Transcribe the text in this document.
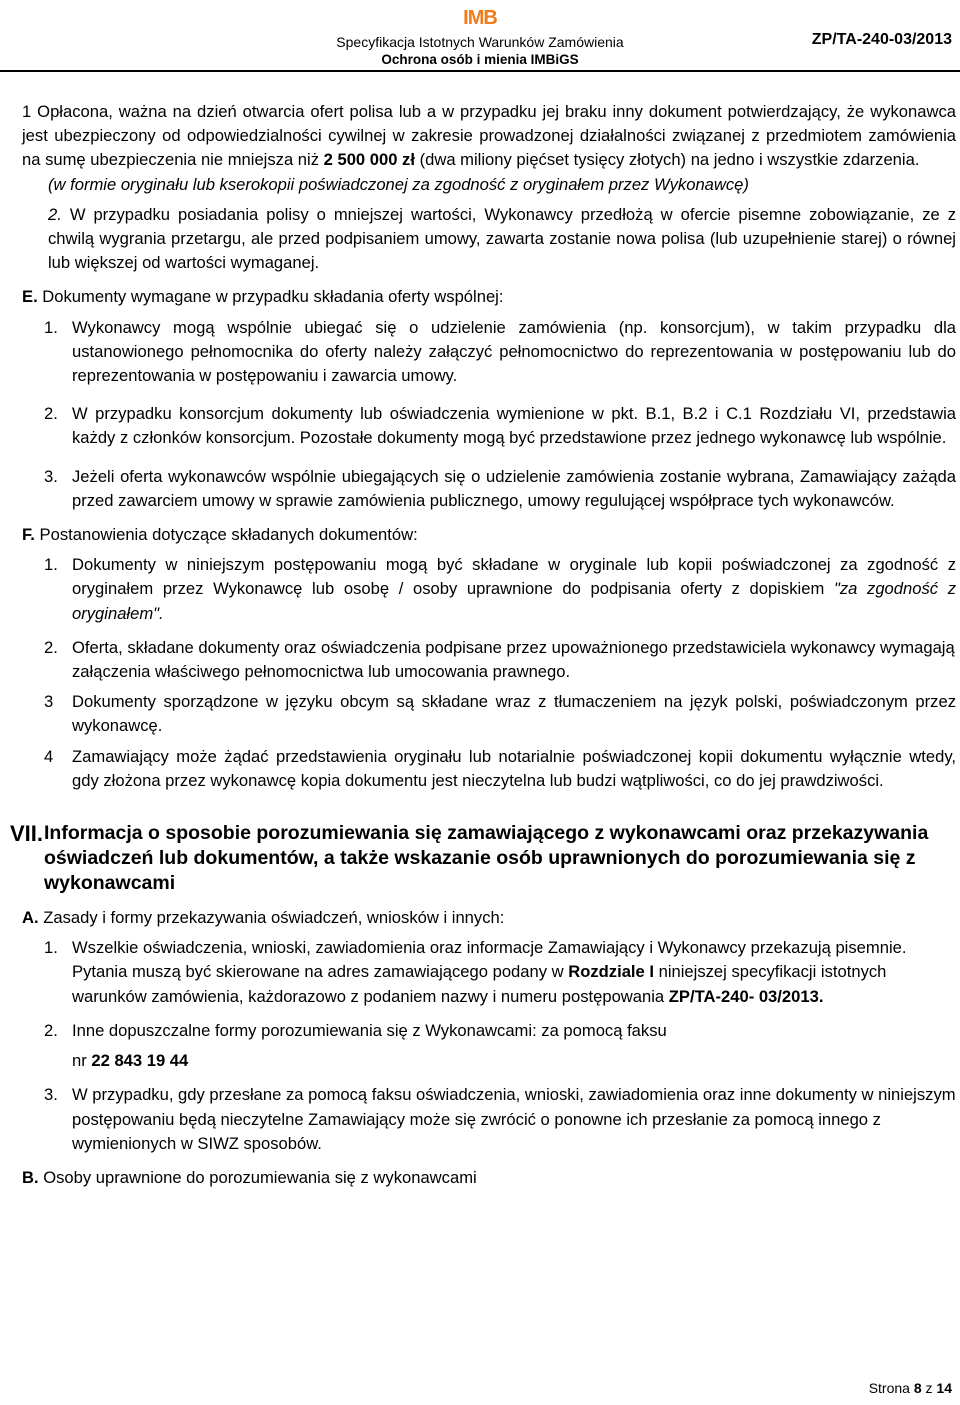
IMB
Specyfikacja Istotnych Warunków Zamówienia
Ochrona osób i mienia IMBiGS
ZP/TA-240-03/2013
1 Opłacona, ważna na dzień otwarcia ofert polisa lub a w przypadku jej braku inny dokument potwierdzający, że wykonawca jest ubezpieczony od odpowiedzialności cywilnej w zakresie prowadzonej działalności związanej z przedmiotem zamówienia na sumę ubezpieczenia nie mniejsza niż 2 500 000 zł (dwa miliony pięćset tysięcy złotych) na jedno i wszystkie zdarzenia.
(w formie oryginału lub kserokopii poświadczonej za zgodność z oryginałem przez Wykonawcę)
2. W przypadku posiadania polisy o mniejszej wartości, Wykonawcy przedłożą w ofercie pisemne zobowiązanie, ze z chwilą wygrania przetargu, ale przed podpisaniem umowy, zawarta zostanie nowa polisa (lub uzupełnienie starej) o równej lub większej od wartości wymaganej.
E. Dokumenty wymagane w przypadku składania oferty wspólnej:
1. Wykonawcy mogą wspólnie ubiegać się o udzielenie zamówienia (np. konsorcjum), w takim przypadku dla ustanowionego pełnomocnika do oferty należy załączyć pełnomocnictwo do reprezentowania w postępowaniu lub do reprezentowania w postępowaniu i zawarcia umowy.
2. W przypadku konsorcjum dokumenty lub oświadczenia wymienione w pkt. B.1, B.2 i C.1 Rozdziału VI, przedstawia każdy z członków konsorcjum. Pozostałe dokumenty mogą być przedstawione przez jednego wykonawcę lub wspólnie.
3. Jeżeli oferta wykonawców wspólnie ubiegających się o udzielenie zamówienia zostanie wybrana, Zamawiający zażąda przed zawarciem umowy w sprawie zamówienia publicznego, umowy regulującej współprace tych wykonawców.
F. Postanowienia dotyczące składanych dokumentów:
1. Dokumenty w niniejszym postępowaniu mogą być składane w oryginale lub kopii poświadczonej za zgodność z oryginałem przez Wykonawcę lub osobę / osoby uprawnione do podpisania oferty z dopiskiem "za zgodność z oryginałem".
2. Oferta, składane dokumenty oraz oświadczenia podpisane przez upoważnionego przedstawiciela wykonawcy wymagają załączenia właściwego pełnomocnictwa lub umocowania prawnego.
3 Dokumenty sporządzone w języku obcym są składane wraz z tłumaczeniem na język polski, poświadczonym przez wykonawcę.
4 Zamawiający może żądać przedstawienia oryginału lub notarialnie poświadczonej kopii dokumentu wyłącznie wtedy, gdy złożona przez wykonawcę kopia dokumentu jest nieczytelna lub budzi wątpliwości, co do jej prawdziwości.
VII. Informacja o sposobie porozumiewania się zamawiającego z wykonawcami oraz przekazywania oświadczeń lub dokumentów, a także wskazanie osób uprawnionych do porozumiewania się z wykonawcami
A. Zasady i formy przekazywania oświadczeń, wniosków i innych:
1. Wszelkie oświadczenia, wnioski, zawiadomienia oraz informacje Zamawiający i Wykonawcy przekazują pisemnie. Pytania muszą być skierowane na adres zamawiającego podany w Rozdziale I niniejszej specyfikacji istotnych warunków zamówienia, każdorazowo z podaniem nazwy i numeru postępowania ZP/TA-240- 03/2013.
2. Inne dopuszczalne formy porozumiewania się z Wykonawcami: za pomocą faksu
nr 22 843 19 44
3. W przypadku, gdy przesłane za pomocą faksu oświadczenia, wnioski, zawiadomienia oraz inne dokumenty w niniejszym postępowaniu będą nieczytelne Zamawiający może się zwrócić o ponowne ich przesłanie za pomocą innego z wymienionych w SIWZ sposobów.
B. Osoby uprawnione do porozumiewania się z wykonawcami
Strona 8 z 14
